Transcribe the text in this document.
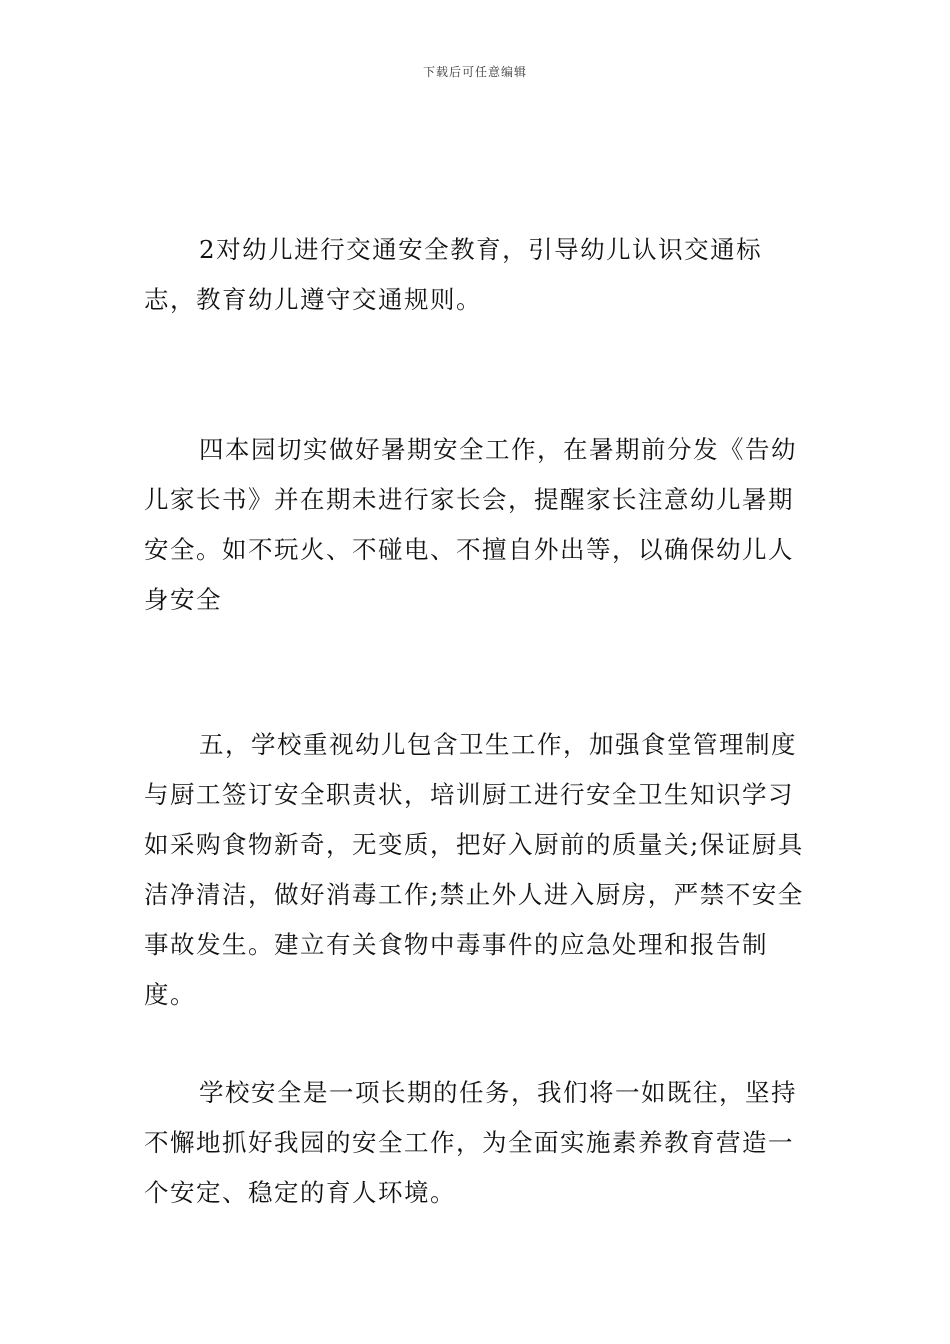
下载后可任意编辑

2对幼儿进行交通安全教育，引导幼儿认识交通标志，教育幼儿遵守交通规则。

四本园切实做好暑期安全工作，在暑期前分发《告幼儿家长书》并在期未进行家长会，提醒家长注意幼儿暑期安全。如不玩火、不碰电、不擅自外出等，以确保幼儿人身安全

五，学校重视幼儿包含卫生工作，加强食堂管理制度与厨工签订安全职责状，培训厨工进行安全卫生知识学习如采购食物新奇，无变质，把好入厨前的质量关;保证厨具洁净清洁，做好消毒工作;禁止外人进入厨房，严禁不安全事故发生。建立有关食物中毒事件的应急处理和报告制度。

学校安全是一项长期的任务，我们将一如既往，坚持不懈地抓好我园的安全工作，为全面实施素养教育营造一个安定、稳定的育人环境。
